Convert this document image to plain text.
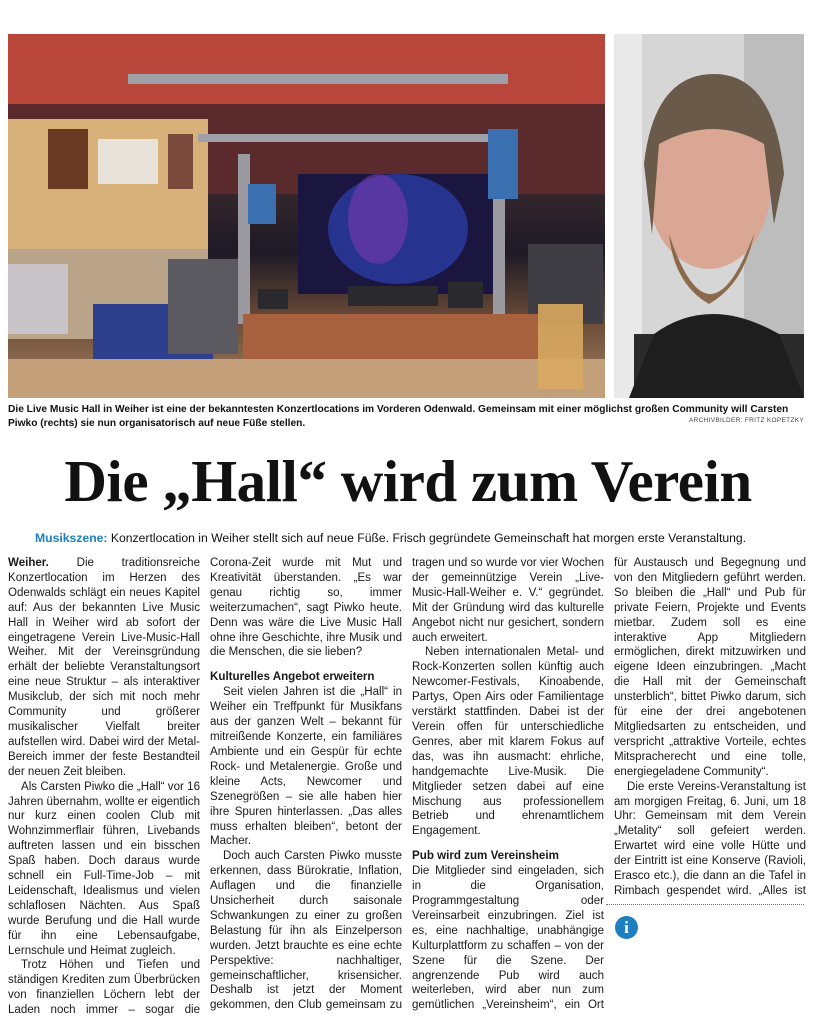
Die Live Music Hall in Weiher ist eine der bekanntesten Konzertlocations im Vorderen Odenwald. Gemeinsam mit einer möglichst großen Community will Carsten Piwko (rechts) sie nun organisatorisch auf neue Füße stellen.	ARCHIVBILDER: FRITZ KOPETZKY
Die „Hall“ wird zum Verein
Musikszene: Konzertlocation in Weiher stellt sich auf neue Füße. Frisch gegründete Gemeinschaft hat morgen erste Veranstaltung.

Weiher. Die traditionsreiche Konzertlocation im Herzen des Odenwalds schlägt ein neues Kapitel auf: Aus der bekannten Live Music Hall in Weiher wird ab sofort der eingetragene Verein Live-Music-Hall Weiher. Mit der Vereinsgründung erhält der beliebte Veranstaltungsort eine neue Struktur – als interaktiver Musikclub, der sich mit noch mehr Community und größerer musikalischer Vielfalt breiter aufstellen wird. Dabei wird der Metal-Bereich immer der feste Bestandteil der neuen Zeit bleiben.

Als Carsten Piwko die „Hall“ vor 16 Jahren übernahm, wollte er eigentlich nur kurz einen coolen Club mit Wohnzimmerflair führen, Livebands auftreten lassen und ein bisschen Spaß haben. Doch daraus wurde schnell ein Full-Time-Job – mit Leidenschaft, Idealismus und vielen schlaflosen Nächten. Aus Spaß wurde Berufung und die Hall wurde für ihn eine Lebensaufgabe, Lernschule und Heimat zugleich.

Trotz Höhen und Tiefen und ständigen Krediten zum Überbrücken von finanziellen Löchern lebt der Laden noch immer – sogar die

Corona-Zeit wurde mit Mut und Kreativität überstanden. „Es war genau richtig so, immer weiterzumachen“, sagt Piwko heute. Denn was wäre die Live Music Hall ohne ihre Geschichte, ihre Musik und die Menschen, die sie lieben?

Kulturelles Angebot erweitern

Seit vielen Jahren ist die „Hall“ in Weiher ein Treffpunkt für Musikfans aus der ganzen Welt – bekannt für mitreißende Konzerte, ein familiäres Ambiente und ein Gespür für echte Rock- und Metalenergie. Große und kleine Acts, Newcomer und Szenegrößen – sie alle haben hier ihre Spuren hinterlassen. „Das alles muss erhalten bleiben“, betont der Macher.

Doch auch Carsten Piwko musste erkennen, dass Bürokratie, Inflation, Auflagen und die finanzielle Unsicherheit durch saisonale Schwankungen zu einer zu großen Belastung für ihn als Einzelperson wurden. Jetzt brauchte es eine echte Perspektive: nachhaltiger, gemeinschaftlicher, krisensicher. Deshalb ist jetzt der Moment gekommen, den Club gemeinsam zu

tragen und so wurde vor vier Wochen der gemeinnützige Verein „Live-Music-Hall-Weiher e. V.“ gegründet. Mit der Gründung wird das kulturelle Angebot nicht nur gesichert, sondern auch erweitert.

Neben internationalen Metal- und Rock-Konzerten sollen künftig auch Newcomer-Festivals, Kinoabende, Partys, Open Airs oder Familientage verstärkt stattfinden. Dabei ist der Verein offen für unterschiedliche Genres, aber mit klarem Fokus auf das, was ihn ausmacht: ehrliche, handgemachte Live-Musik. Die Mitglieder setzen dabei auf eine Mischung aus professionellem Betrieb und ehrenamtlichem Engagement.

Pub wird zum Vereinsheim

Die Mitglieder sind eingeladen, sich in die Organisation, Programmgestaltung oder Vereinsarbeit einzubringen. Ziel ist es, eine nachhaltige, unabhängige Kulturplattform zu schaffen – von der Szene für die Szene. Der angrenzende Pub wird auch weiterleben, wird aber nun zum gemütlichen „Vereinsheim“, ein Ort

für Austausch und Begegnung und von den Mitgliedern geführt werden. So bleiben die „Hall“ und Pub für private Feiern, Projekte und Events mietbar. Zudem soll es eine interaktive App Mitgliedern ermöglichen, direkt mitzuwirken und eigene Ideen einzubringen. „Macht die Hall mit der Gemeinschaft unsterblich“, bittet Piwko darum, sich für eine der drei angebotenen Mitgliedsarten zu entscheiden, und verspricht „attraktive Vorteile, echtes Mitspracherecht und eine tolle, energiegeladene Community“.

Die erste Vereins-Veranstaltung ist am morgigen Freitag, 6. Juni, um 18 Uhr: Gemeinsam mit dem Verein „Metality“ soll gefeiert werden. Erwartet wird eine volle Hütte und der Eintritt ist eine Konserve (Ravioli, Erasco etc.), die dann an die Tafel in Rimbach gespendet wird. „Alles ist

i
